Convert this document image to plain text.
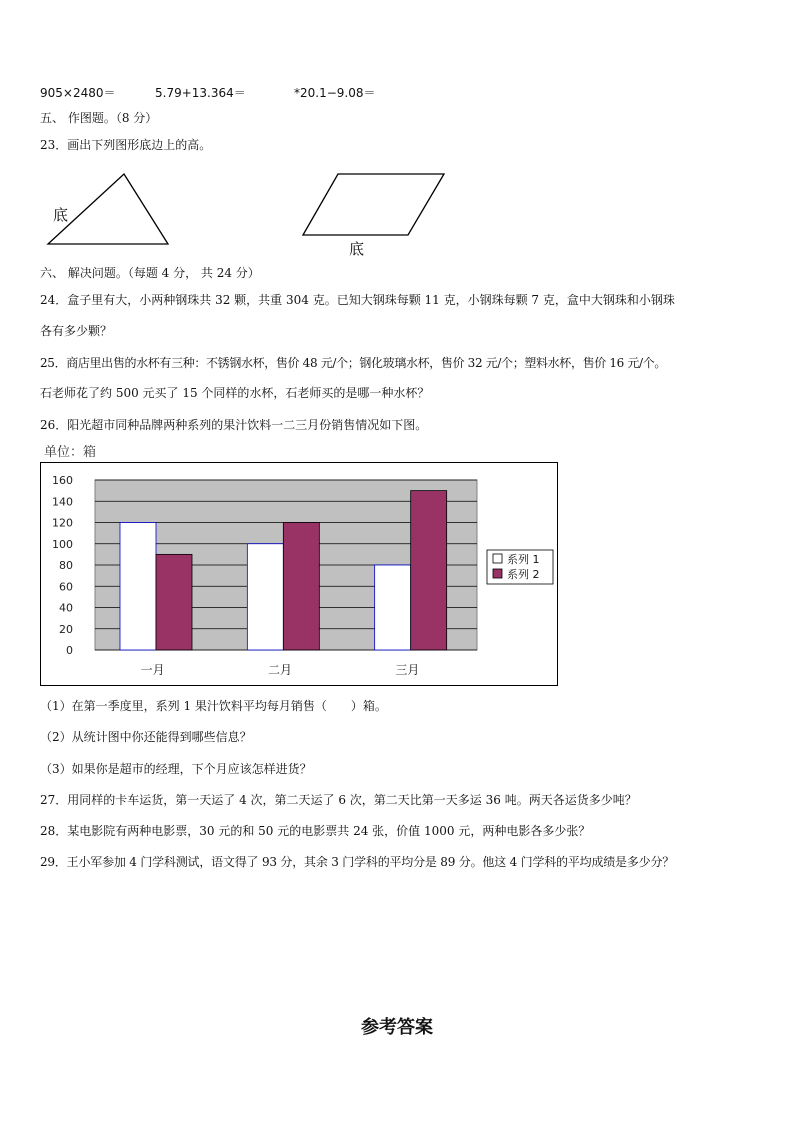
905×2480＝	5.79+13.364＝	*20.1−9.08＝
五、 作图题。（8 分）
23．画出下列图形底边上的高。
底
底
六、 解决问题。（每题 4 分， 共 24 分）
24．盒子里有大，小两种钢珠共 32 颗，共重 304 克。已知大钢珠每颗 11 克，小钢珠每颗 7 克，盒中大钢珠和小钢珠
各有多少颗？
25．商店里出售的水杯有三种：不锈钢水杯，售价 48 元/个；钢化玻璃水杯，售价 32 元/个；塑料水杯，售价 16 元/个。
石老师花了约 500 元买了 15 个同样的水杯，石老师买的是哪一种水杯？
26．阳光超市同种品牌两种系列的果汁饮料一二三月份销售情况如下图。
单位：箱
0
20
40
60
80
100
120
140
160
一月	二月	三月
系列 1
系列 2
（1）在第一季度里，系列 1 果汁饮料平均每月销售（　　）箱。
（2）从统计图中你还能得到哪些信息？
（3）如果你是超市的经理，下个月应该怎样进货？
27．用同样的卡车运货，第一天运了 4 次，第二天运了 6 次，第二天比第一天多运 36 吨。两天各运货多少吨？
28．某电影院有两种电影票，30 元的和 50 元的电影票共 24 张，价值 1000 元，两种电影各多少张？
29．王小军参加 4 门学科测试，语文得了 93 分，其余 3 门学科的平均分是 89 分。他这 4 门学科的平均成绩是多少分？
参考答案
